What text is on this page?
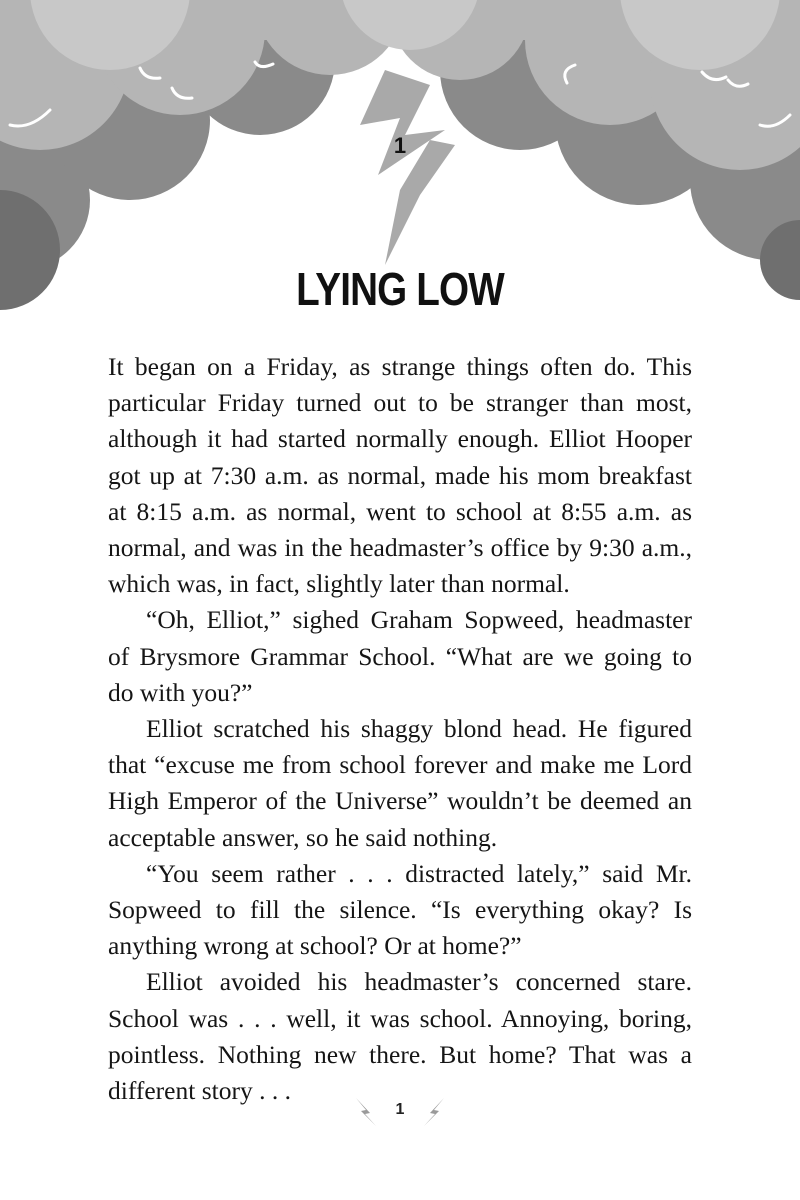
1
LYING LOW

It began on a Friday, as strange things often do. This particular Friday turned out to be stranger than most, although it had started normally enough. Elliot Hooper got up at 7:30 a.m. as normal, made his mom breakfast at 8:15 a.m. as normal, went to school at 8:55 a.m. as normal, and was in the headmaster’s office by 9:30 a.m., which was, in fact, slightly later than normal.

“Oh, Elliot,” sighed Graham Sopweed, headmaster of Brysmore Grammar School. “What are we going to do with you?”

Elliot scratched his shaggy blond head. He figured that “excuse me from school forever and make me Lord High Emperor of the Universe” wouldn’t be deemed an acceptable answer, so he said nothing.

“You seem rather . . . distracted lately,” said Mr. Sopweed to fill the silence. “Is everything okay? Is anything wrong at school? Or at home?”

Elliot avoided his headmaster’s concerned stare. School was . . . well, it was school. Annoying, boring, pointless. Nothing new there. But home? That was a different story . . .

1
